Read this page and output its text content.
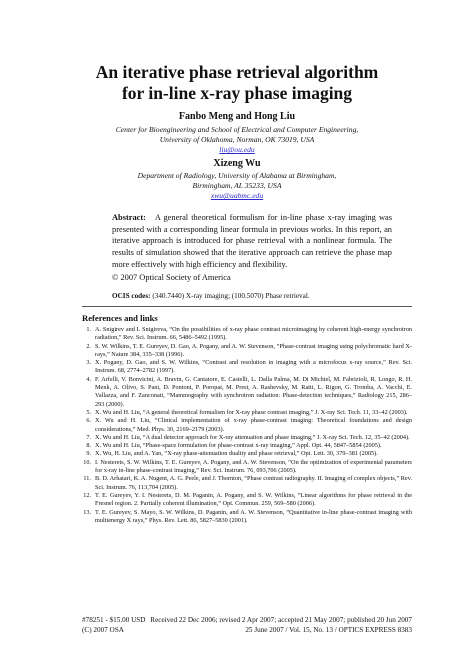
An iterative phase retrieval algorithm
for in-line x-ray phase imaging
Fanbo Meng and Hong Liu
Center for Bioengineering and School of Electrical and Computer Engineering,
University of Oklahoma, Norman, OK 73019, USA
liu@ou.edu
Xizeng Wu
Department of Radiology, University of Alabama at Birmingham,
Birmingham, AL 35233, USA
xwu@uabmc.edu
Abstract: A general theoretical formulism for in-line phase x-ray imaging was presented with a corresponding linear formula in previous works. In this report, an iterative approach is introduced for phase retrieval with a nonlinear formula. The results of simulation showed that the iterative approach can retrieve the phase map more effectively with high efficiency and flexibility.
© 2007 Optical Society of America
OCIS codes: (340.7440) X-ray imaging; (100.5070) Phase retrieval.
References and links
1. A. Snigirev and I. Snigireva, “On the possibilities of x-ray phase contrast microimaging by coherent high-energy synchrotron radiation,” Rev. Sci. Instrum. 66, 5486–5492 (1995).
2. S. W. Wilkins, T. E. Gureyev, D. Gao, A. Pogany, and A. W. Stevenson, “Phase-contrast imaging using polychromatic hard X-rays,” Nature 384, 335–338 (1996).
3. X. Pogany, D. Gao, and S. W. Wilkins, “Contrast and resolution in imaging with a microfocus x-ray source,” Rev. Sci. Instrum. 68, 2774–2782 (1997).
4. F. Arfelli, V. Bonvicini, A. Bravin, G. Cantatore, E. Castelli, L. Dalla Palma, M. Di Michiel, M. Fabrizioli, R. Longo, R. H. Menk, A. Olivo, S. Pani, D. Pontoni, P. Poropat, M. Prest, A. Rashevsky, M. Ratti, L. Rigon, G. Tromba, A. Vacchi, E. Vallazza, and F. Zanconati, “Mammography with synchrotron radiation: Phase-detection techniques,” Radiology 215, 286–293 (2000).
5. X. Wu and H. Liu, “A general theoretical formalism for X-ray phase contrast imaging,” J. X-ray Sci. Tech. 11, 33–42 (2003).
6. X. Wu and H. Liu, “Clinical implementation of x-ray phase-contrast imaging: Theoretical foundations and design considerations,” Med. Phys. 30, 2169–2179 (2003).
7. X. Wu and H. Liu, “A dual detector approach for X-ray attenuation and phase imaging,” J. X-ray Sci. Tech. 12, 35–42 (2004).
8. X. Wu and H. Liu, “Phase-space formulation for phase-contrast x-ray imaging,” Appl. Opt. 44, 5847–5854 (2005).
9. X. Wu, H. Liu, and A. Yan, “X-ray phase-attenuation duality and phase retrieval,” Opt. Lett. 30, 379–381 (2005).
10. I. Nesterets, S. W. Wilkins, T. E. Gureyev, A. Pogany, and A. W. Stevenson, “On the optimization of experimental parameters for x-ray in-line phase-contrast imaging,” Rev. Sci. Instrum. 76, 093,706 (2005).
11. B. D. Arhatari, K. A. Nugent, A. G. Peele, and J. Thornton, “Phase contrast radiography. II. Imaging of complex objects,” Rev. Sci. Instrum. 76, 113,704 (2005).
12. T. E. Gureyev, Y. I. Nesterets, D. M. Paganin, A. Pogany, and S. W. Wilkins, “Linear algorithms for phase retrieval in the Fresnel region. 2. Partially coherent illumination,” Opt. Commun. 259, 569–580 (2006).
13. T. E. Gureyev, S. Mayo, S. W. Wilkins, D. Paganin, and A. W. Stevenson, “Quantitative in-line phase-contrast imaging with multienergy X rays,” Phys. Rev. Lett. 86, 5827–5830 (2001).
#78251 - $15.00 USD Received 22 Dec 2006; revised 2 Apr 2007; accepted 21 May 2007; published 20 Jun 2007
(C) 2007 OSA	25 June 2007 / Vol. 15, No. 13 / OPTICS EXPRESS 8383
